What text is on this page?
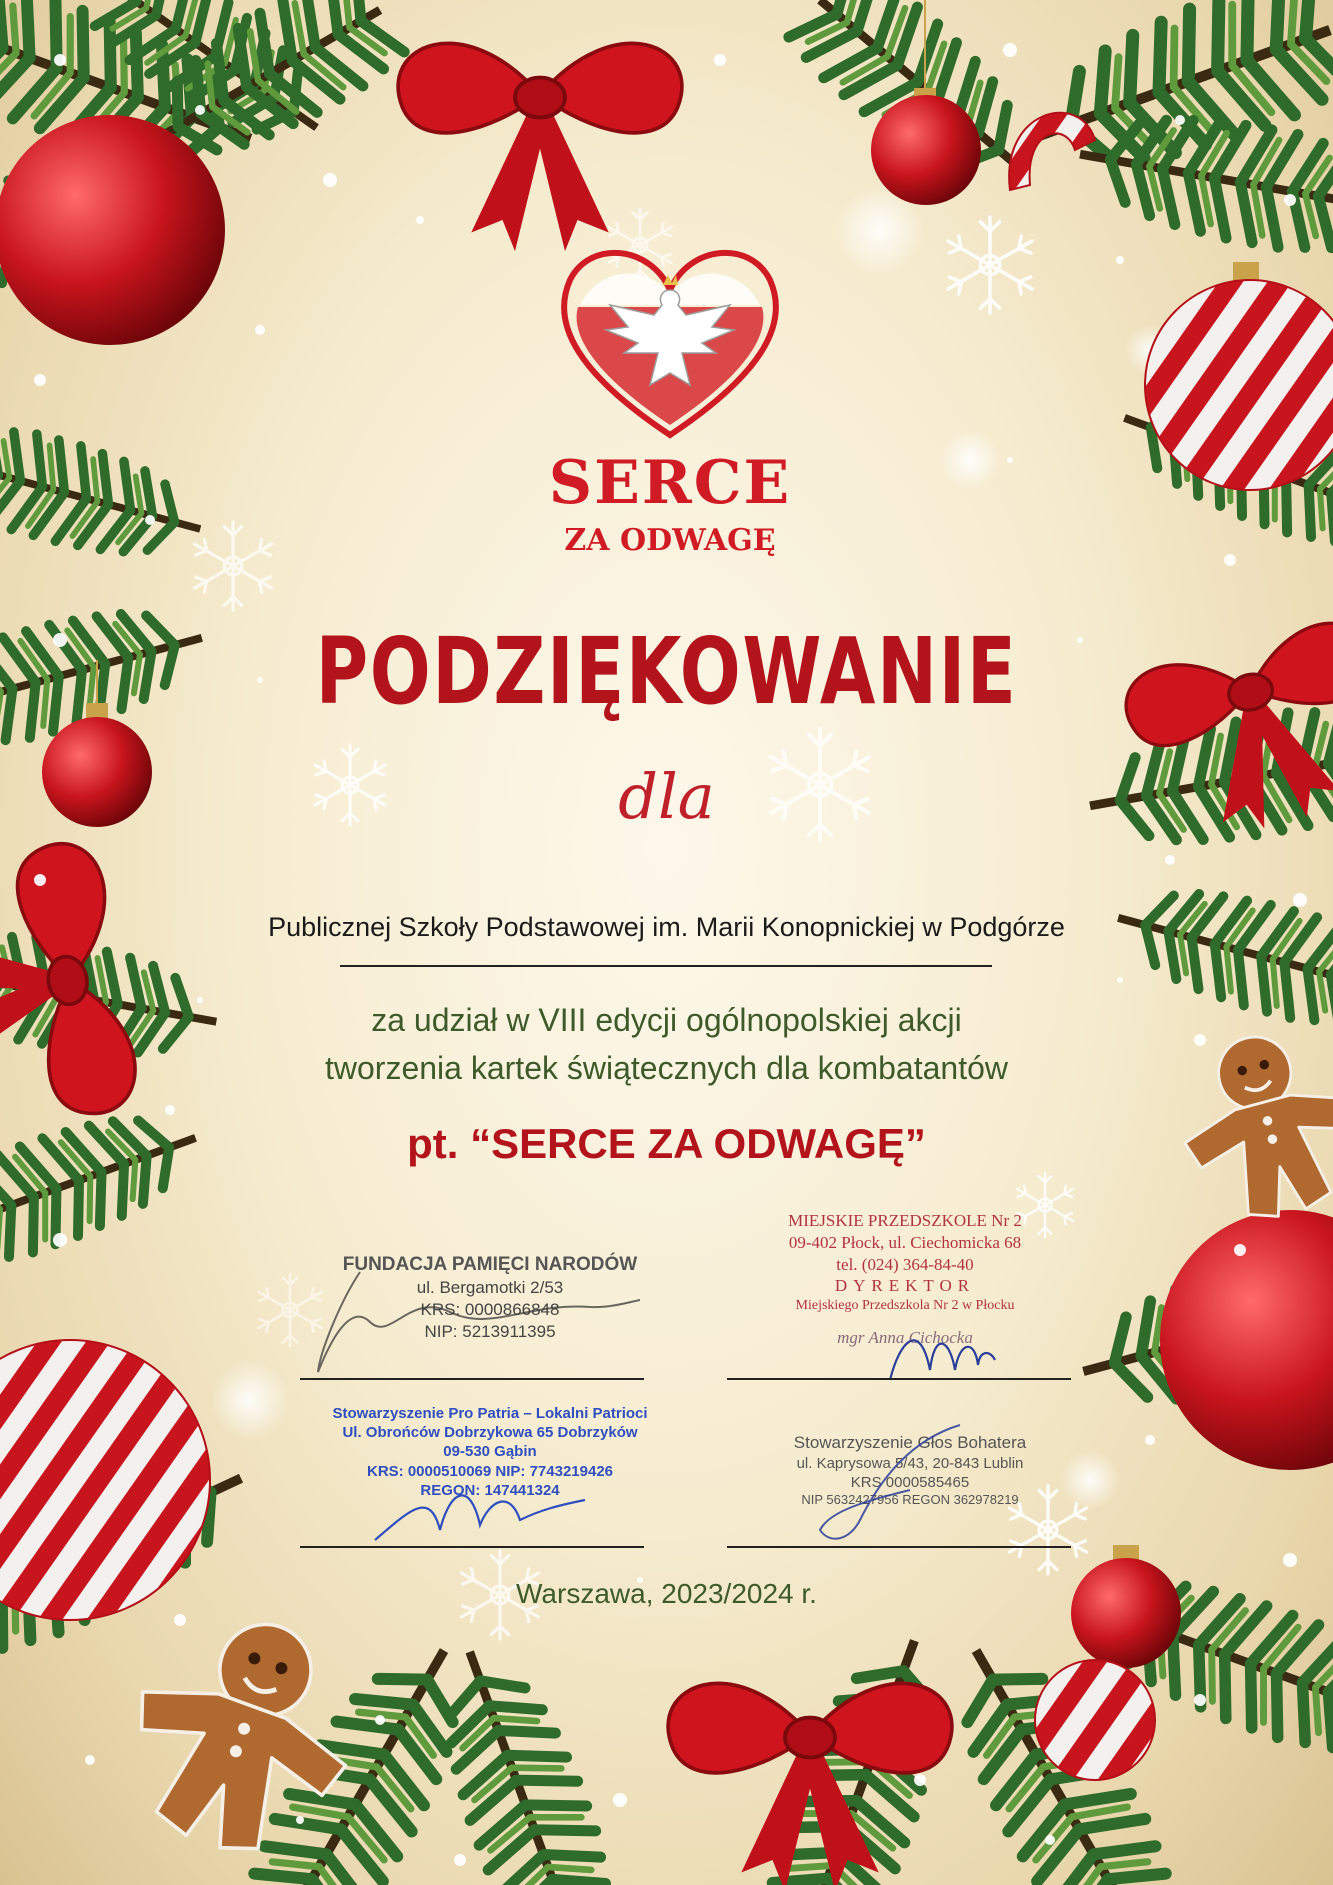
SERCE
ZA ODWAGĘ
PODZIĘKOWANIE
dla
Publicznej Szkoły Podstawowej im. Marii Konopnickiej w Podgórze
za udział w VIII edycji ogólnopolskiej akcji
tworzenia kartek świątecznych dla kombatantów
pt. “SERCE ZA ODWAGĘ”
FUNDACJA PAMIĘCI NARODÓW
ul. Bergamotki 2/53
KRS: 0000866848
NIP: 5213911395
MIEJSKIE PRZEDSZKOLE Nr 2
09-402 Płock, ul. Ciechomicka 68
tel. (024) 364-84-40
DYREKTOR
Miejskiego Przedszkola Nr 2 w Płocku
mgr Anna Cichocka
Stowarzyszenie Pro Patria – Lokalni Patrioci
Ul. Obrońców Dobrzykowa 65 Dobrzyków
09-530 Gąbin
KRS: 0000510069 NIP: 7743219426
REGON: 147441324
Stowarzyszenie Głos Bohatera
ul. Kaprysowa 5/43, 20-843 Lublin
KRS 0000585465
NIP 5632427956 REGON 362978219
Warszawa, 2023/2024 r.
